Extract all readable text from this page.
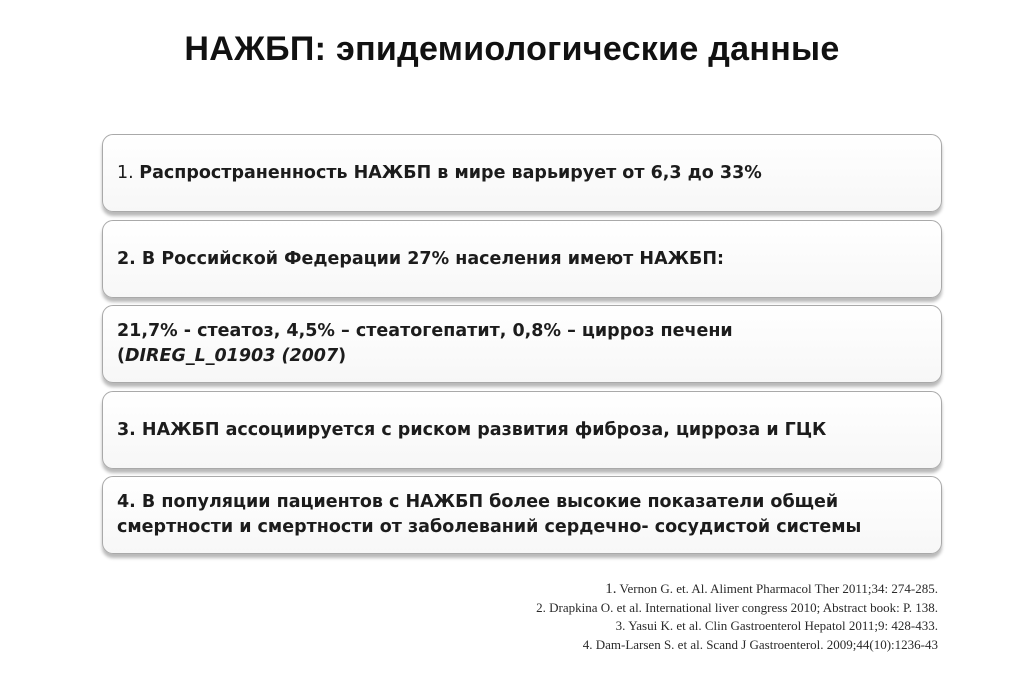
НАЖБП: эпидемиологические данные
1. Распространенность НАЖБП в мире варьирует от 6,3 до 33%
2. В Российской Федерации 27% населения имеют НАЖБП:
21,7% - стеатоз, 4,5% – стеатогепатит, 0,8% – цирроз печени
(DIREG_L_01903 (2007)
3. НАЖБП ассоциируется с риском развития фиброза, цирроза и ГЦК
4. В популяции пациентов с НАЖБП более высокие показатели общей
смертности и смертности от заболеваний сердечно- сосудистой системы
1. Vernon G. et. Al. Aliment Pharmacol Ther 2011;34: 274-285.
2. Drapkina O. et al. International liver congress 2010; Abstract book: P. 138.
3. Yasui K. et al. Clin Gastroenterol Hepatol 2011;9: 428-433.
4. Dam-Larsen S. et al. Scand J Gastroenterol. 2009;44(10):1236-43
